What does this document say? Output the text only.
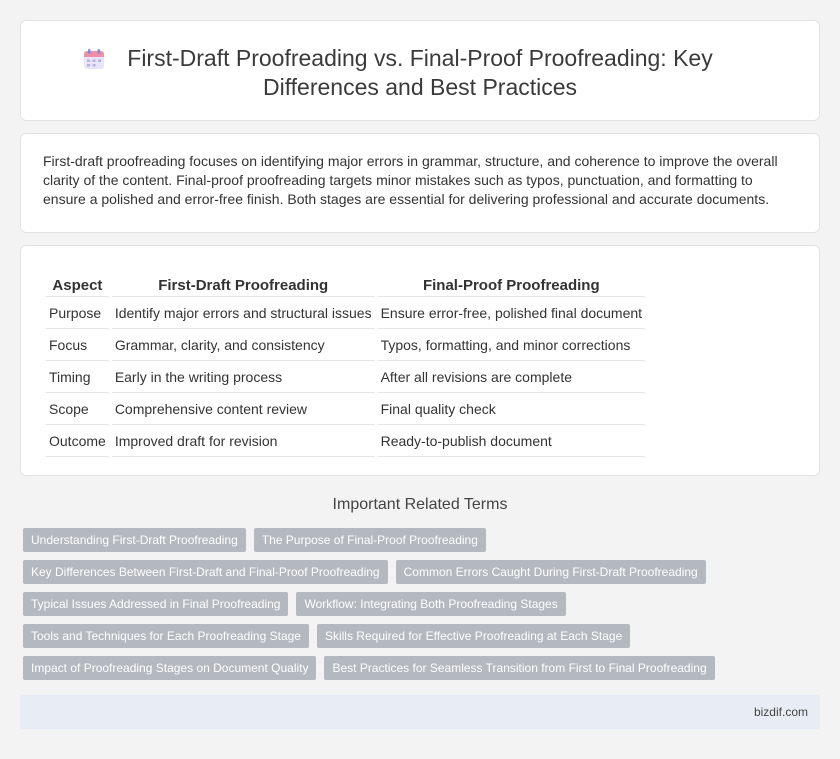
First-Draft Proofreading vs. Final-Proof Proofreading: Key
Differences and Best Practices

First-draft proofreading focuses on identifying major errors in grammar, structure, and coherence to improve the overall clarity of the content. Final-proof proofreading targets minor mistakes such as typos, punctuation, and formatting to ensure a polished and error-free finish. Both stages are essential for delivering professional and accurate documents.

Aspect	First-Draft Proofreading	Final-Proof Proofreading
Purpose	Identify major errors and structural issues	Ensure error-free, polished final document
Focus	Grammar, clarity, and consistency	Typos, formatting, and minor corrections
Timing	Early in the writing process	After all revisions are complete
Scope	Comprehensive content review	Final quality check
Outcome	Improved draft for revision	Ready-to-publish document
Important Related Terms
Understanding First-Draft Proofreading	The Purpose of Final-Proof Proofreading
Key Differences Between First-Draft and Final-Proof Proofreading	Common Errors Caught During First-Draft Proofreading
Typical Issues Addressed in Final Proofreading	Workflow: Integrating Both Proofreading Stages
Tools and Techniques for Each Proofreading Stage	Skills Required for Effective Proofreading at Each Stage
Impact of Proofreading Stages on Document Quality	Best Practices for Seamless Transition from First to Final Proofreading
bizdif.com
